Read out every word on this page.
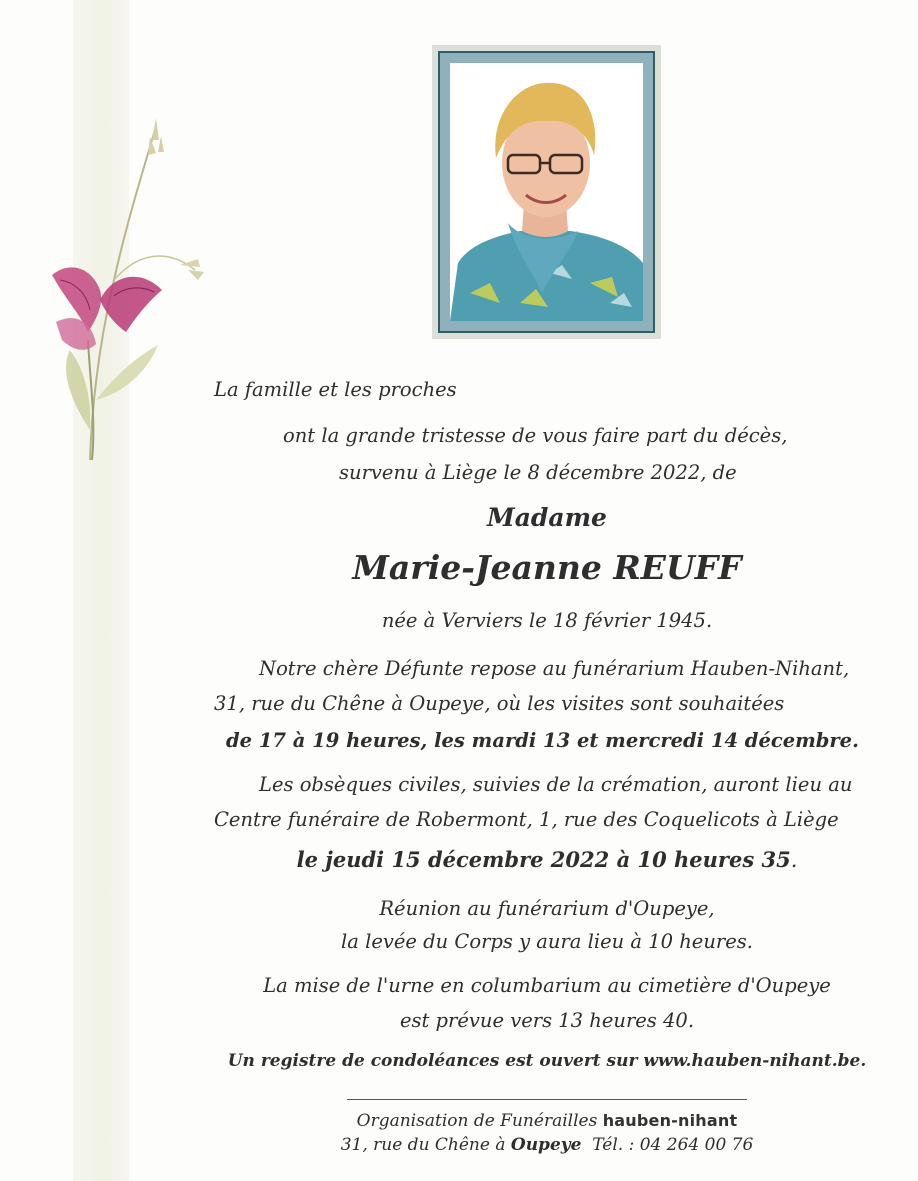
La famille et les proches
ont la grande tristesse de vous faire part du décès,
survenu à Liège le 8 décembre 2022, de
Madame
Marie-Jeanne REUFF
née à Verviers le 18 février 1945.
Notre chère Défunte repose au funérarium Hauben-Nihant,
31, rue du Chêne à Oupeye, où les visites sont souhaitées
de 17 à 19 heures, les mardi 13 et mercredi 14 décembre.
Les obsèques civiles, suivies de la crémation, auront lieu au
Centre funéraire de Robermont, 1, rue des Coquelicots à Liège
le jeudi 15 décembre 2022 à 10 heures 35.
Réunion au funérarium d'Oupeye,
la levée du Corps y aura lieu à 10 heures.
La mise de l'urne en columbarium au cimetière d'Oupeye
est prévue vers 13 heures 40.
Un registre de condoléances est ouvert sur www.hauben-nihant.be.
Organisation de Funérailles hauben-nihant
31, rue du Chêne à Oupeye Tél. : 04 264 00 76
